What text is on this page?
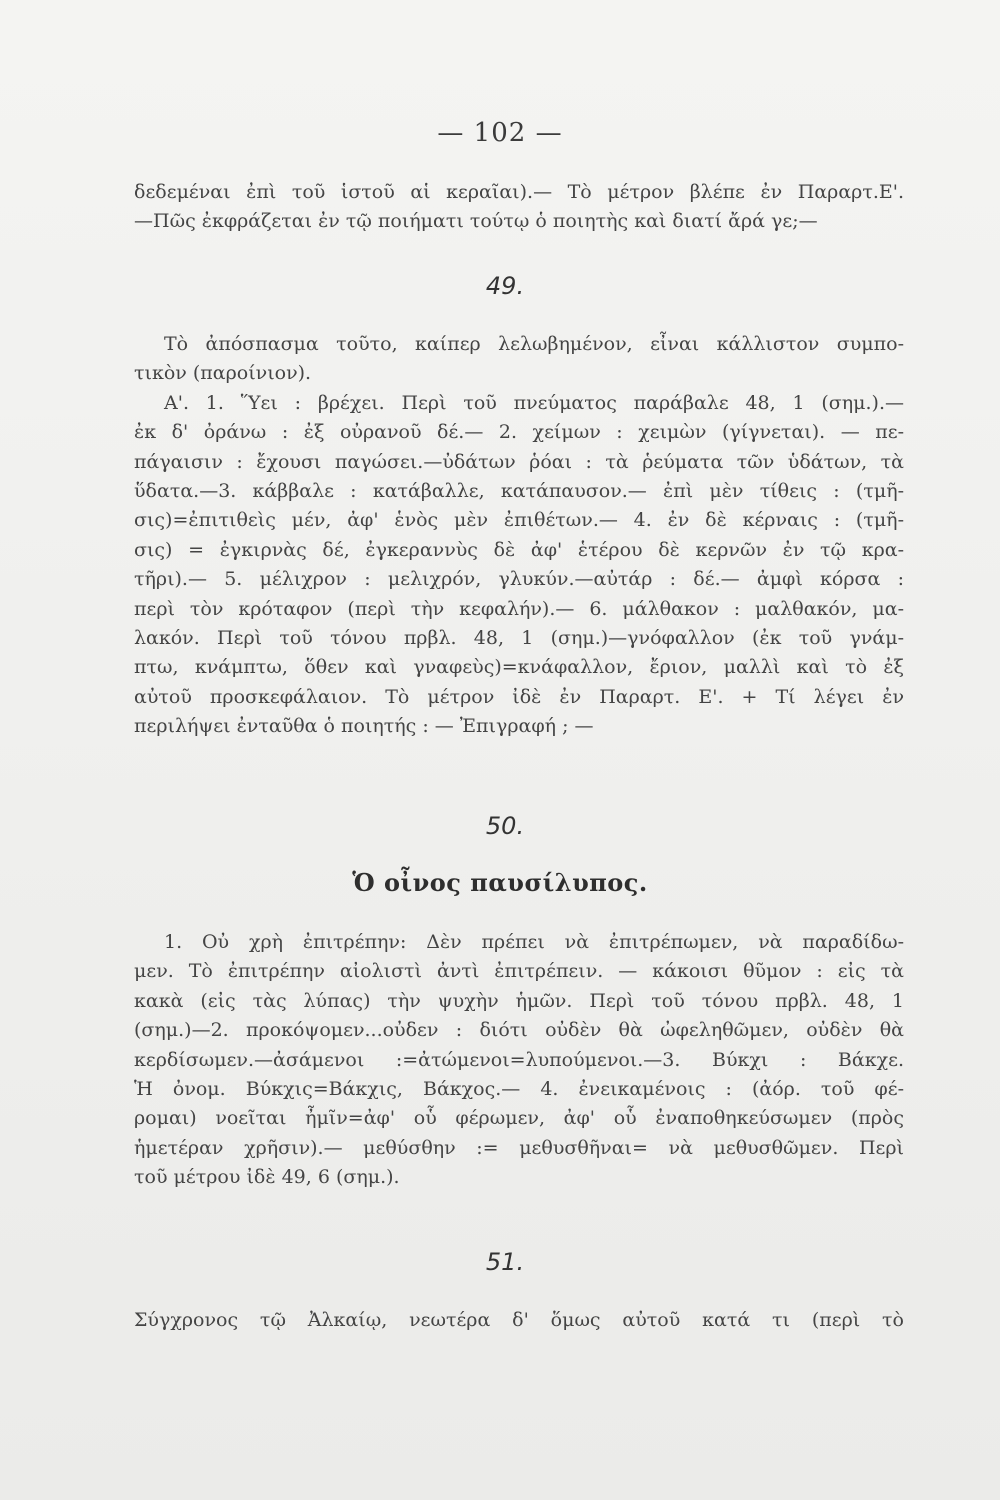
— 102 —
δεδεμέναι ἐπὶ τοῦ ἱστοῦ αἱ κεραῖαι).— Τὸ μέτρον βλέπε ἐν Παραρτ.Ε'.
—Πῶς ἐκφράζεται ἐν τῷ ποιήματι τούτῳ ὁ ποιητὴς καὶ διατί ἄρά γε;—
49.
Τὸ ἀπόσπασμα τοῦτο, καίπερ λελωβημένον, εἶναι κάλλιστον συμπο-
τικὸν (παροίνιον).
Α'. 1. Ὕει : βρέχει. Περὶ τοῦ πνεύματος παράβαλε 48, 1 (σημ.).—
ἐκ δ' ὀράνω : ἐξ οὐρανοῦ δέ.— 2. χείμων : χειμὼν (γίγνεται). — πε-
πάγαισιν : ἔχουσι παγώσει.—ὐδάτων ῥόαι : τὰ ῥεύματα τῶν ὑδάτων, τὰ
ὕδατα.—3. κάββαλε : κατάβαλλε, κατάπαυσον.— ἐπὶ μὲν τίθεις : (τμῆ-
σις)=ἐπιτιθεὶς μέν, ἀφ' ἑνὸς μὲν ἐπιθέτων.— 4. ἐν δὲ κέρναις : (τμῆ-
σις) = ἐγκιρνὰς δέ, ἐγκεραννὺς δὲ ἀφ' ἑτέρου δὲ κερνῶν ἐν τῷ κρα-
τῆρι).— 5. μέλιχρον : μελιχρόν, γλυκύν.—αὐτάρ : δέ.— ἀμφὶ κόρσα :
περὶ τὸν κρόταφον (περὶ τὴν κεφαλήν).— 6. μάλθακον : μαλθακόν, μα-
λακόν. Περὶ τοῦ τόνου πρβλ. 48, 1 (σημ.)—γνόφαλλον (ἐκ τοῦ γνάμ-
πτω, κνάμπτω, ὅθεν καὶ γναφεὺς)=κνάφαλλον, ἔριον, μαλλὶ καὶ τὸ ἐξ
αὐτοῦ προσκεφάλαιον. Τὸ μέτρον ἰδὲ ἐν Παραρτ. Ε'. + Τί λέγει ἐν
περιλήψει ἐνταῦθα ὁ ποιητής : — Ἐπιγραφή ; —
50.
Ὁ οἶνος παυσίλυπος.
1. Οὐ χρὴ ἐπιτρέπην: Δὲν πρέπει νὰ ἐπιτρέπωμεν, νὰ παραδίδω-
μεν. Τὸ ἐπιτρέπην αἰολιστὶ ἀντὶ ἐπιτρέπειν. — κάκοισι θῦμον : εἰς τὰ
κακὰ (εἰς τὰς λύπας) τὴν ψυχὴν ἡμῶν. Περὶ τοῦ τόνου πρβλ. 48, 1
(σημ.)—2. προκόψομεν...οὐδεν : διότι οὐδὲν θὰ ὠφεληθῶμεν, οὐδὲν θὰ
κερδίσωμεν.—ἀσάμενοι :=ἀτώμενοι=λυπούμενοι.—3. Βύκχι : Βάκχε.
Ἡ ὀνομ. Βύκχις=Βάκχις, Βάκχος.— 4. ἐνεικαμένοις : (ἀόρ. τοῦ φέ-
ρομαι) νοεῖται ἦμῖν=ἀφ' οὗ φέρωμεν, ἀφ' οὗ ἐναποθηκεύσωμεν (πρὸς
ἡμετέραν χρῆσιν).— μεθύσθην := μεθυσθῆναι= νὰ μεθυσθῶμεν. Περὶ
τοῦ μέτρου ἰδὲ 49, 6 (σημ.).
51.
Σύγχρονος τῷ Ἀλκαίῳ, νεωτέρα δ' ὅμως αὐτοῦ κατά τι (περὶ τὸ
